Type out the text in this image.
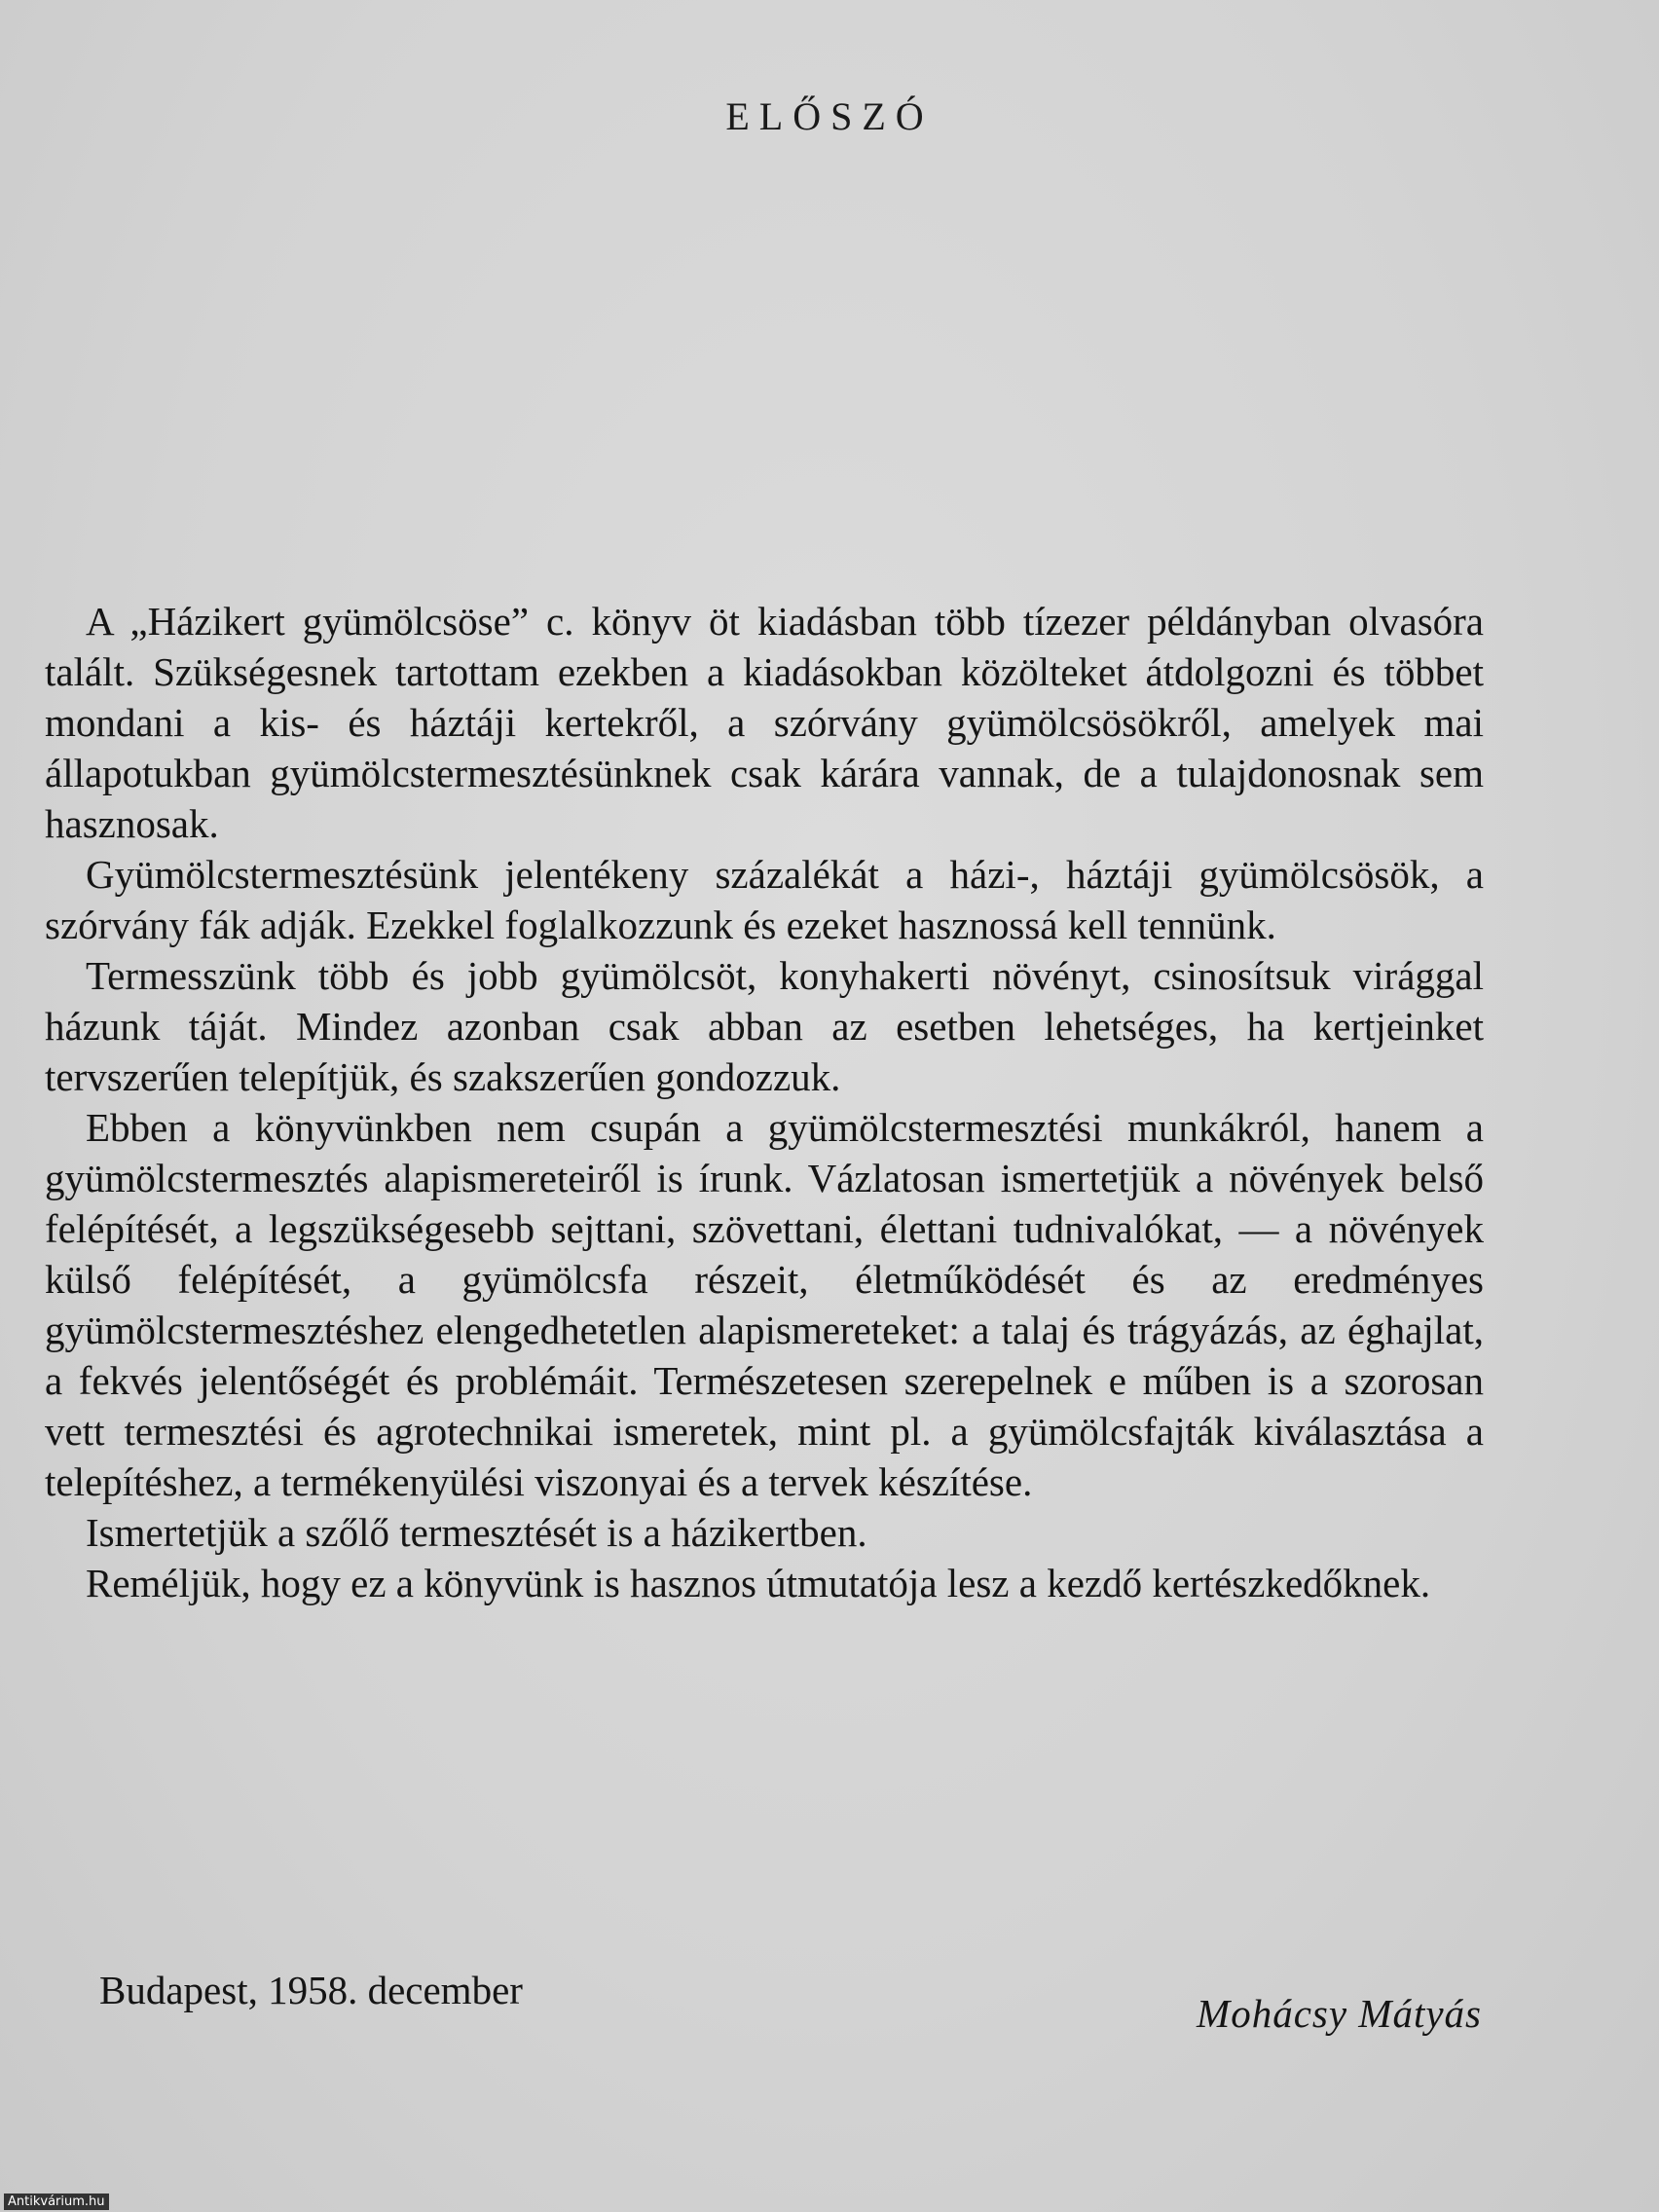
ELŐSZÓ

A „Házikert gyümölcsöse” c. könyv öt kiadásban több tízezer példányban olvasóra talált. Szükségesnek tartottam ezekben a kiadásokban közölteket átdolgozni és többet mondani a kis- és háztáji kertekről, a szórvány gyümölcsösökről, amelyek mai állapotukban gyümölcstermesztésünknek csak kárára vannak, de a tulajdonosnak sem hasznosak.

Gyümölcstermesztésünk jelentékeny százalékát a házi-, háztáji gyümölcsösök, a szórvány fák adják. Ezekkel foglalkozzunk és ezeket hasznossá kell tennünk.

Termesszünk több és jobb gyümölcsöt, konyhakerti növényt, csinosítsuk virággal házunk táját. Mindez azonban csak abban az esetben lehetséges, ha kertjeinket tervszerűen telepítjük, és szakszerűen gondozzuk.

Ebben a könyvünkben nem csupán a gyümölcstermesztési munkákról, hanem a gyümölcstermesztés alapismereteiről is írunk. Vázlatosan ismertetjük a növények belső felépítését, a legszükségesebb sejttani, szövettani, élettani tudnivalókat, — a növények külső felépítését, a gyümölcsfa részeit, életműködését és az eredményes gyümölcstermesztéshez elengedhetetlen alapismereteket: a talaj és trágyázás, az éghajlat, a fekvés jelentőségét és problémáit. Természetesen szerepelnek e műben is a szorosan vett termesztési és agrotechnikai ismeretek, mint pl. a gyümölcsfajták kiválasztása a telepítéshez, a termékenyülési viszonyai és a tervek készítése.

Ismertetjük a szőlő termesztését is a házikertben.

Reméljük, hogy ez a könyvünk is hasznos útmutatója lesz a kezdő kertészkedőknek.

Budapest, 1958. december
Mohácsy Mátyás
Antikvárium.hu
